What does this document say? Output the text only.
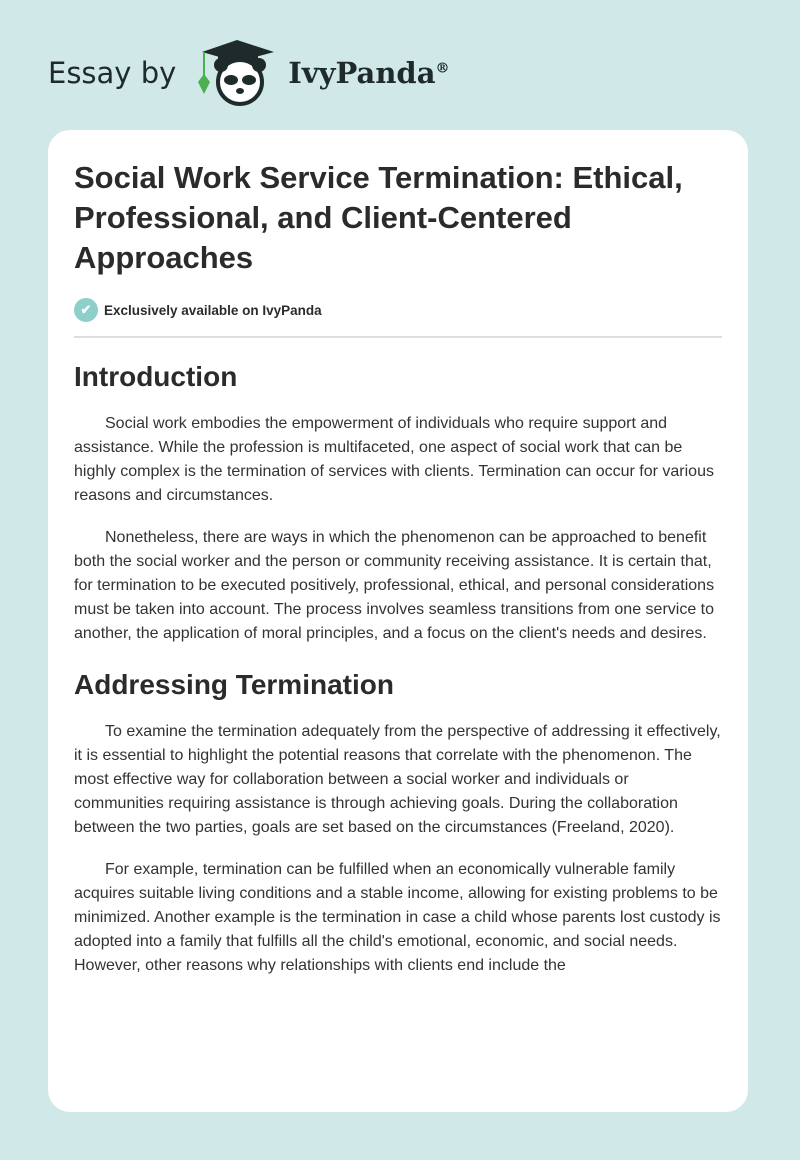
Essay by	IvyPanda®
Social Work Service Termination: Ethical, Professional, and Client-Centered Approaches
✔ Exclusively available on IvyPanda
Introduction

Social work embodies the empowerment of individuals who require support and assistance. While the profession is multifaceted, one aspect of social work that can be highly complex is the termination of services with clients. Termination can occur for various reasons and circumstances.

Nonetheless, there are ways in which the phenomenon can be approached to benefit both the social worker and the person or community receiving assistance. It is certain that, for termination to be executed positively, professional, ethical, and personal considerations must be taken into account. The process involves seamless transitions from one service to another, the application of moral principles, and a focus on the client's needs and desires.

Addressing Termination

To examine the termination adequately from the perspective of addressing it effectively, it is essential to highlight the potential reasons that correlate with the phenomenon. The most effective way for collaboration between a social worker and individuals or communities requiring assistance is through achieving goals. During the collaboration between the two parties, goals are set based on the circumstances (Freeland, 2020).

For example, termination can be fulfilled when an economically vulnerable family acquires suitable living conditions and a stable income, allowing for existing problems to be minimized. Another example is the termination in case a child whose parents lost custody is adopted into a family that fulfills all the child's emotional, economic, and social needs. However, other reasons why relationships with clients end include the
